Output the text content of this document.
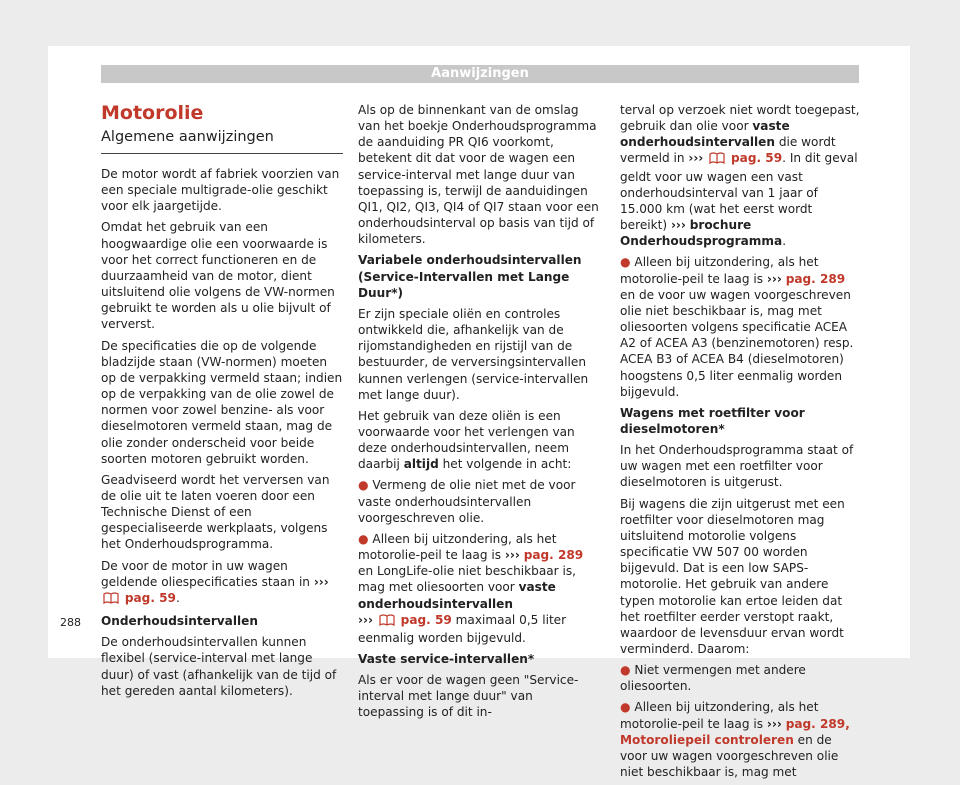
Aanwijzingen
Motorolie
Algemene aanwijzingen

De motor wordt af fabriek voorzien van een speciale multigrade-olie geschikt voor elk jaargetijde.

Omdat het gebruik van een hoogwaardige olie een voorwaarde is voor het correct functioneren en de duurzaamheid van de motor, dient uitsluitend olie volgens de VW-normen gebruikt te worden als u olie bijvult of ververst.

De specificaties die op de volgende bladzijde staan (VW-normen) moeten op de verpakking vermeld staan; indien op de verpakking van de olie zowel de normen voor zowel benzine- als voor dieselmotoren vermeld staan, mag de olie zonder onderscheid voor beide soorten motoren gebruikt worden.

Geadviseerd wordt het verversen van de olie uit te laten voeren door een Technische Dienst of een gespecialiseerde werkplaats, volgens het Onderhoudsprogramma.

De voor de motor in uw wagen geldende oliespecificaties staan in ›››  pag. 59.

Onderhoudsintervallen

De onderhoudsintervallen kunnen flexibel (service-interval met lange duur) of vast (afhankelijk van de tijd of het gereden aantal kilometers).

Als op de binnenkant van de omslag van het boekje Onderhoudsprogramma de aanduiding PR QI6 voorkomt, betekent dit dat voor de wagen een service-interval met lange duur van toepassing is, terwijl de aanduidingen QI1, QI2, QI3, QI4 of QI7 staan voor een onderhoudsinterval op basis van tijd of kilometers.

Variabele onderhoudsintervallen (Service-Intervallen met Lange Duur*)

Er zijn speciale oliën en controles ontwikkeld die, afhankelijk van de rijomstandigheden en rijstijl van de bestuurder, de verversingsintervallen kunnen verlengen (service-intervallen met lange duur).

Het gebruik van deze oliën is een voorwaarde voor het verlengen van deze onderhoudsintervallen, neem daarbij altijd het volgende in acht:

● Vermeng de olie niet met de voor vaste onderhoudsintervallen voorgeschreven olie.

● Alleen bij uitzondering, als het motorolie-peil te laag is ››› pag. 289 en LongLife-olie niet beschikbaar is, mag met oliesoorten voor vaste onderhoudsintervallen
››› pag. 59 maximaal 0,5 liter eenmalig worden bijgevuld.

Vaste service-intervallen*

Als er voor de wagen geen "Service-interval met lange duur" van toepassing is of dit in-

terval op verzoek niet wordt toegepast, gebruik dan olie voor vaste onderhoudsintervallen die wordt vermeld in ››› pag. 59. In dit geval geldt voor uw wagen een vast onderhoudsinterval van 1 jaar of 15.000 km (wat het eerst wordt bereikt) ››› brochure Onderhoudsprogramma.

● Alleen bij uitzondering, als het motorolie-peil te laag is ››› pag. 289 en de voor uw wagen voorgeschreven olie niet beschikbaar is, mag met oliesoorten volgens specificatie ACEA A2 of ACEA A3 (benzinemotoren) resp. ACEA B3 of ACEA B4 (dieselmotoren) hoogstens 0,5 liter eenmalig worden bijgevuld.

Wagens met roetfilter voor dieselmotoren*

In het Onderhoudsprogramma staat of uw wagen met een roetfilter voor dieselmotoren is uitgerust.

Bij wagens die zijn uitgerust met een roetfilter voor dieselmotoren mag uitsluitend motorolie volgens specificatie VW 507 00 worden bijgevuld. Dat is een low SAPS-motorolie. Het gebruik van andere typen motorolie kan ertoe leiden dat het roetfilter eerder verstopt raakt, waardoor de levensduur ervan wordt verminderd. Daarom:

● Niet vermengen met andere oliesoorten.

● Alleen bij uitzondering, als het motorolie-peil te laag is ››› pag. 289, Motoroliepeil controleren en de voor uw wagen voorgeschreven olie niet beschikbaar is, mag met

288
